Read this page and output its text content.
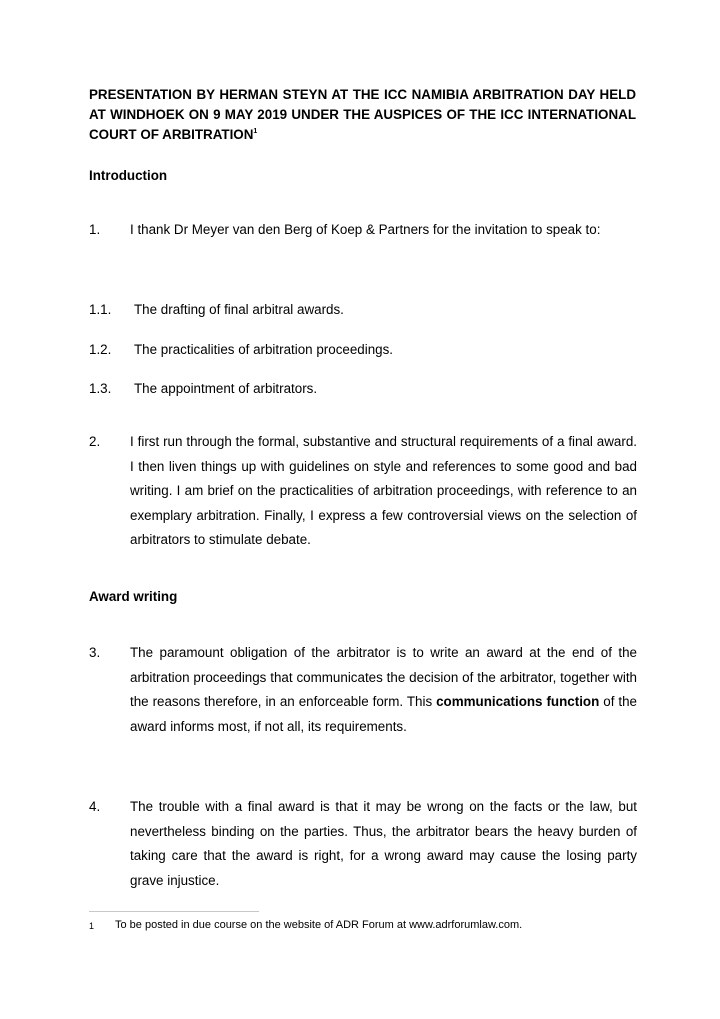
PRESENTATION BY HERMAN STEYN AT THE ICC NAMIBIA ARBITRATION DAY HELD AT WINDHOEK ON 9 MAY 2019 UNDER THE AUSPICES OF THE ICC INTERNATIONAL COURT OF ARBITRATION$^1$
Introduction
1. I thank Dr Meyer van den Berg of Koep & Partners for the invitation to speak to:
1.1. The drafting of final arbitral awards.
1.2. The practicalities of arbitration proceedings.
1.3. The appointment of arbitrators.
2. I first run through the formal, substantive and structural requirements of a final award. I then liven things up with guidelines on style and references to some good and bad writing. I am brief on the practicalities of arbitration proceedings, with reference to an exemplary arbitration. Finally, I express a few controversial views on the selection of arbitrators to stimulate debate.
Award writing
3. The paramount obligation of the arbitrator is to write an award at the end of the arbitration proceedings that communicates the decision of the arbitrator, together with the reasons therefore, in an enforceable form. This communications function of the award informs most, if not all, its requirements.
4. The trouble with a final award is that it may be wrong on the facts or the law, but nevertheless binding on the parties. Thus, the arbitrator bears the heavy burden of taking care that the award is right, for a wrong award may cause the losing party grave injustice.
1 To be posted in due course on the website of ADR Forum at www.adrforumlaw.com.
